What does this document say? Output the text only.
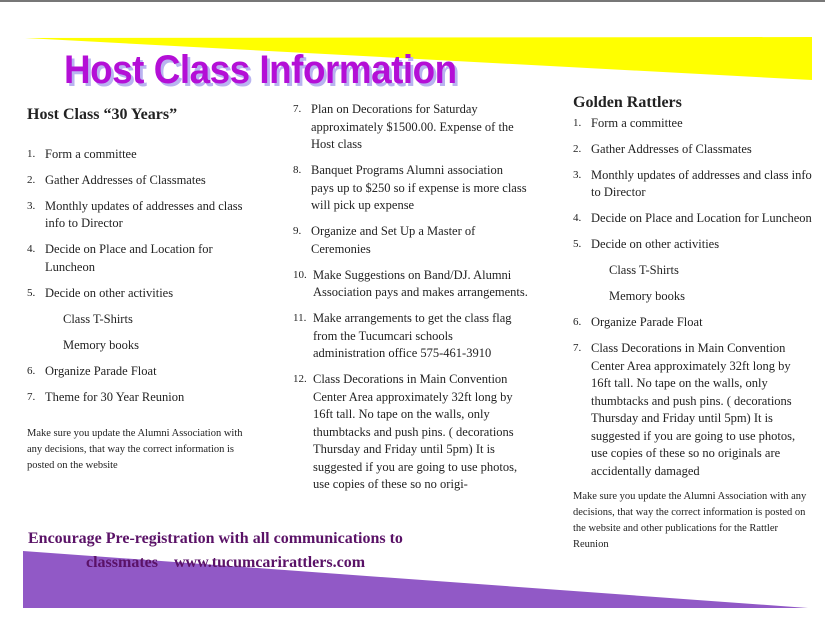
Host Class Information
Host Class “30 Years”
1. Form a committee
2. Gather Addresses of Classmates
3. Monthly updates of addresses and class info to Director
4. Decide on Place and Location for Luncheon
5. Decide on other activities
Class T-Shirts
Memory books
6. Organize Parade Float
7. Theme for 30 Year Reunion

Make sure you update the Alumni Association with any decisions, that way the correct information is posted on the website

7. Plan on Decorations for Saturday approximately $1500.00. Expense of the Host class
8. Banquet Programs Alumni association pays up to $250 so if expense is more class will pick up expense
9. Organize and Set Up a Master of Ceremonies
10. Make Suggestions on Band/DJ. Alumni Association pays and makes arrangements.
11. Make arrangements to get the class flag from the Tucumcari schools administration office 575-461-3910
12. Class Decorations in Main Convention Center Area approximately 32ft long by 16ft tall. No tape on the walls, only thumbtacks and push pins. ( decorations Thursday and Friday until 5pm) It is suggested if you are going to use photos, use copies of these so no origi-
Golden Rattlers
1. Form a committee
2. Gather Addresses of Classmates
3. Monthly updates of addresses and class info to Director
4. Decide on Place and Location for Luncheon
5. Decide on other activities
Class T-Shirts
Memory books
6. Organize Parade Float
7. Class Decorations in Main Convention Center Area approximately 32ft long by 16ft tall. No tape on the walls, only thumbtacks and push pins. ( decorations Thursday and Friday until 5pm) It is suggested if you are going to use photos, use copies of these so no originals are accidentally damaged

Make sure you update the Alumni Association with any decisions, that way the correct information is posted on the website and other publications for the Rattler Reunion

Encourage Pre-registration with all communications to
classmates www.tucumcarirattlers.com
